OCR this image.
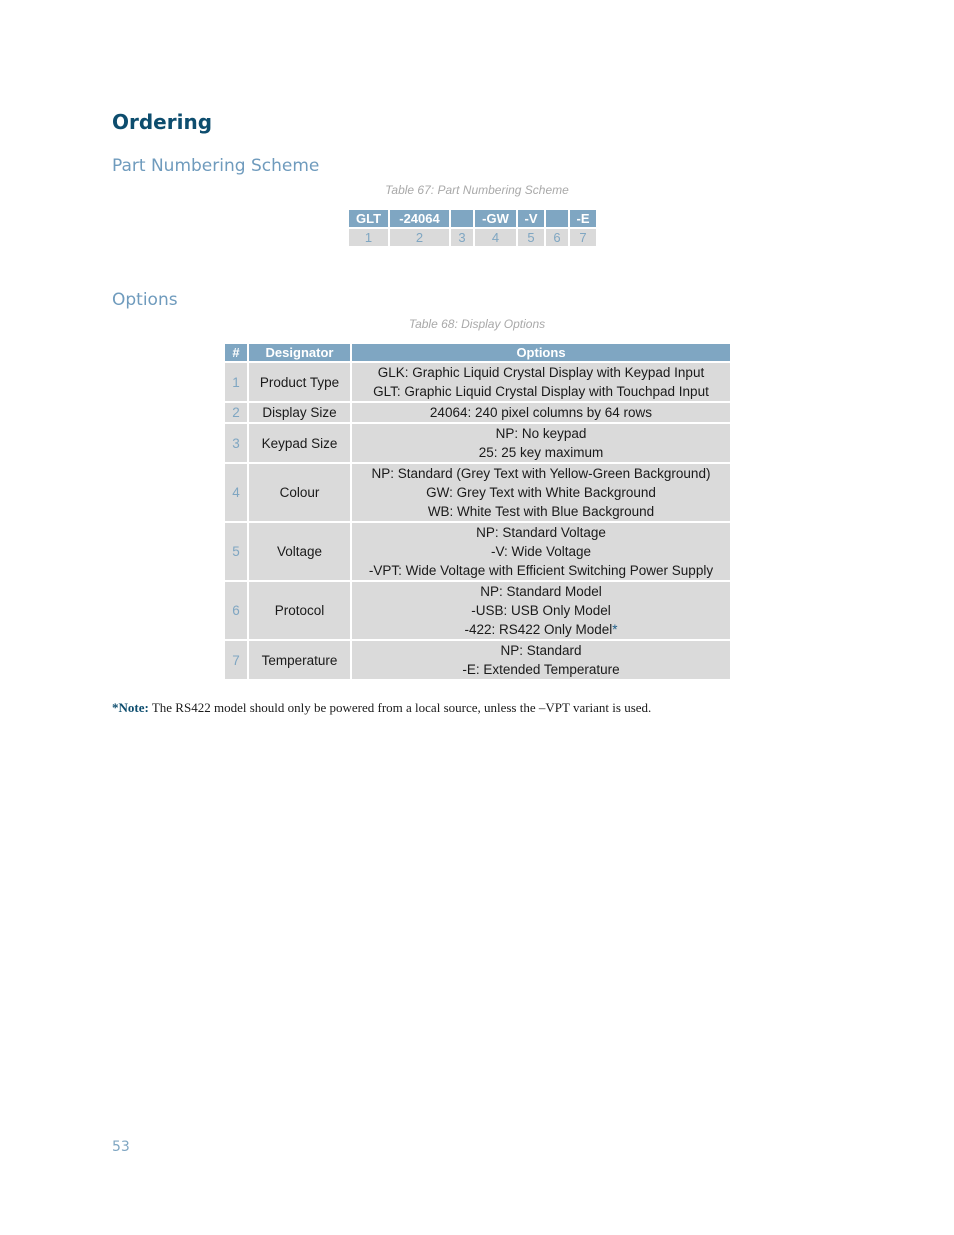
Ordering
Part Numbering Scheme

Table 67: Part Numbering Scheme

GLT	-24064		-GW	-V		-E
1	2	3	4	5	6	7
Options

Table 68: Display Options

#	Designator	Options
1	Product Type	GLK: Graphic Liquid Crystal Display with Keypad Input
GLT: Graphic Liquid Crystal Display with Touchpad Input

2	Display Size	24064: 240 pixel columns by 64 rows

3	Keypad Size	NP: No keypad
25: 25 key maximum

4	Colour	NP: Standard (Grey Text with Yellow-Green Background)
GW: Grey Text with White Background
WB: White Test with Blue Background

5	Voltage	NP: Standard Voltage
-V: Wide Voltage
-VPT: Wide Voltage with Efficient Switching Power Supply

6	Protocol	NP: Standard Model
-USB: USB Only Model
-422: RS422 Only Model*

7	Temperature	NP: Standard
-E: Extended Temperature

*Note: The RS422 model should only be powered from a local source, unless the –VPT variant is used.

53
